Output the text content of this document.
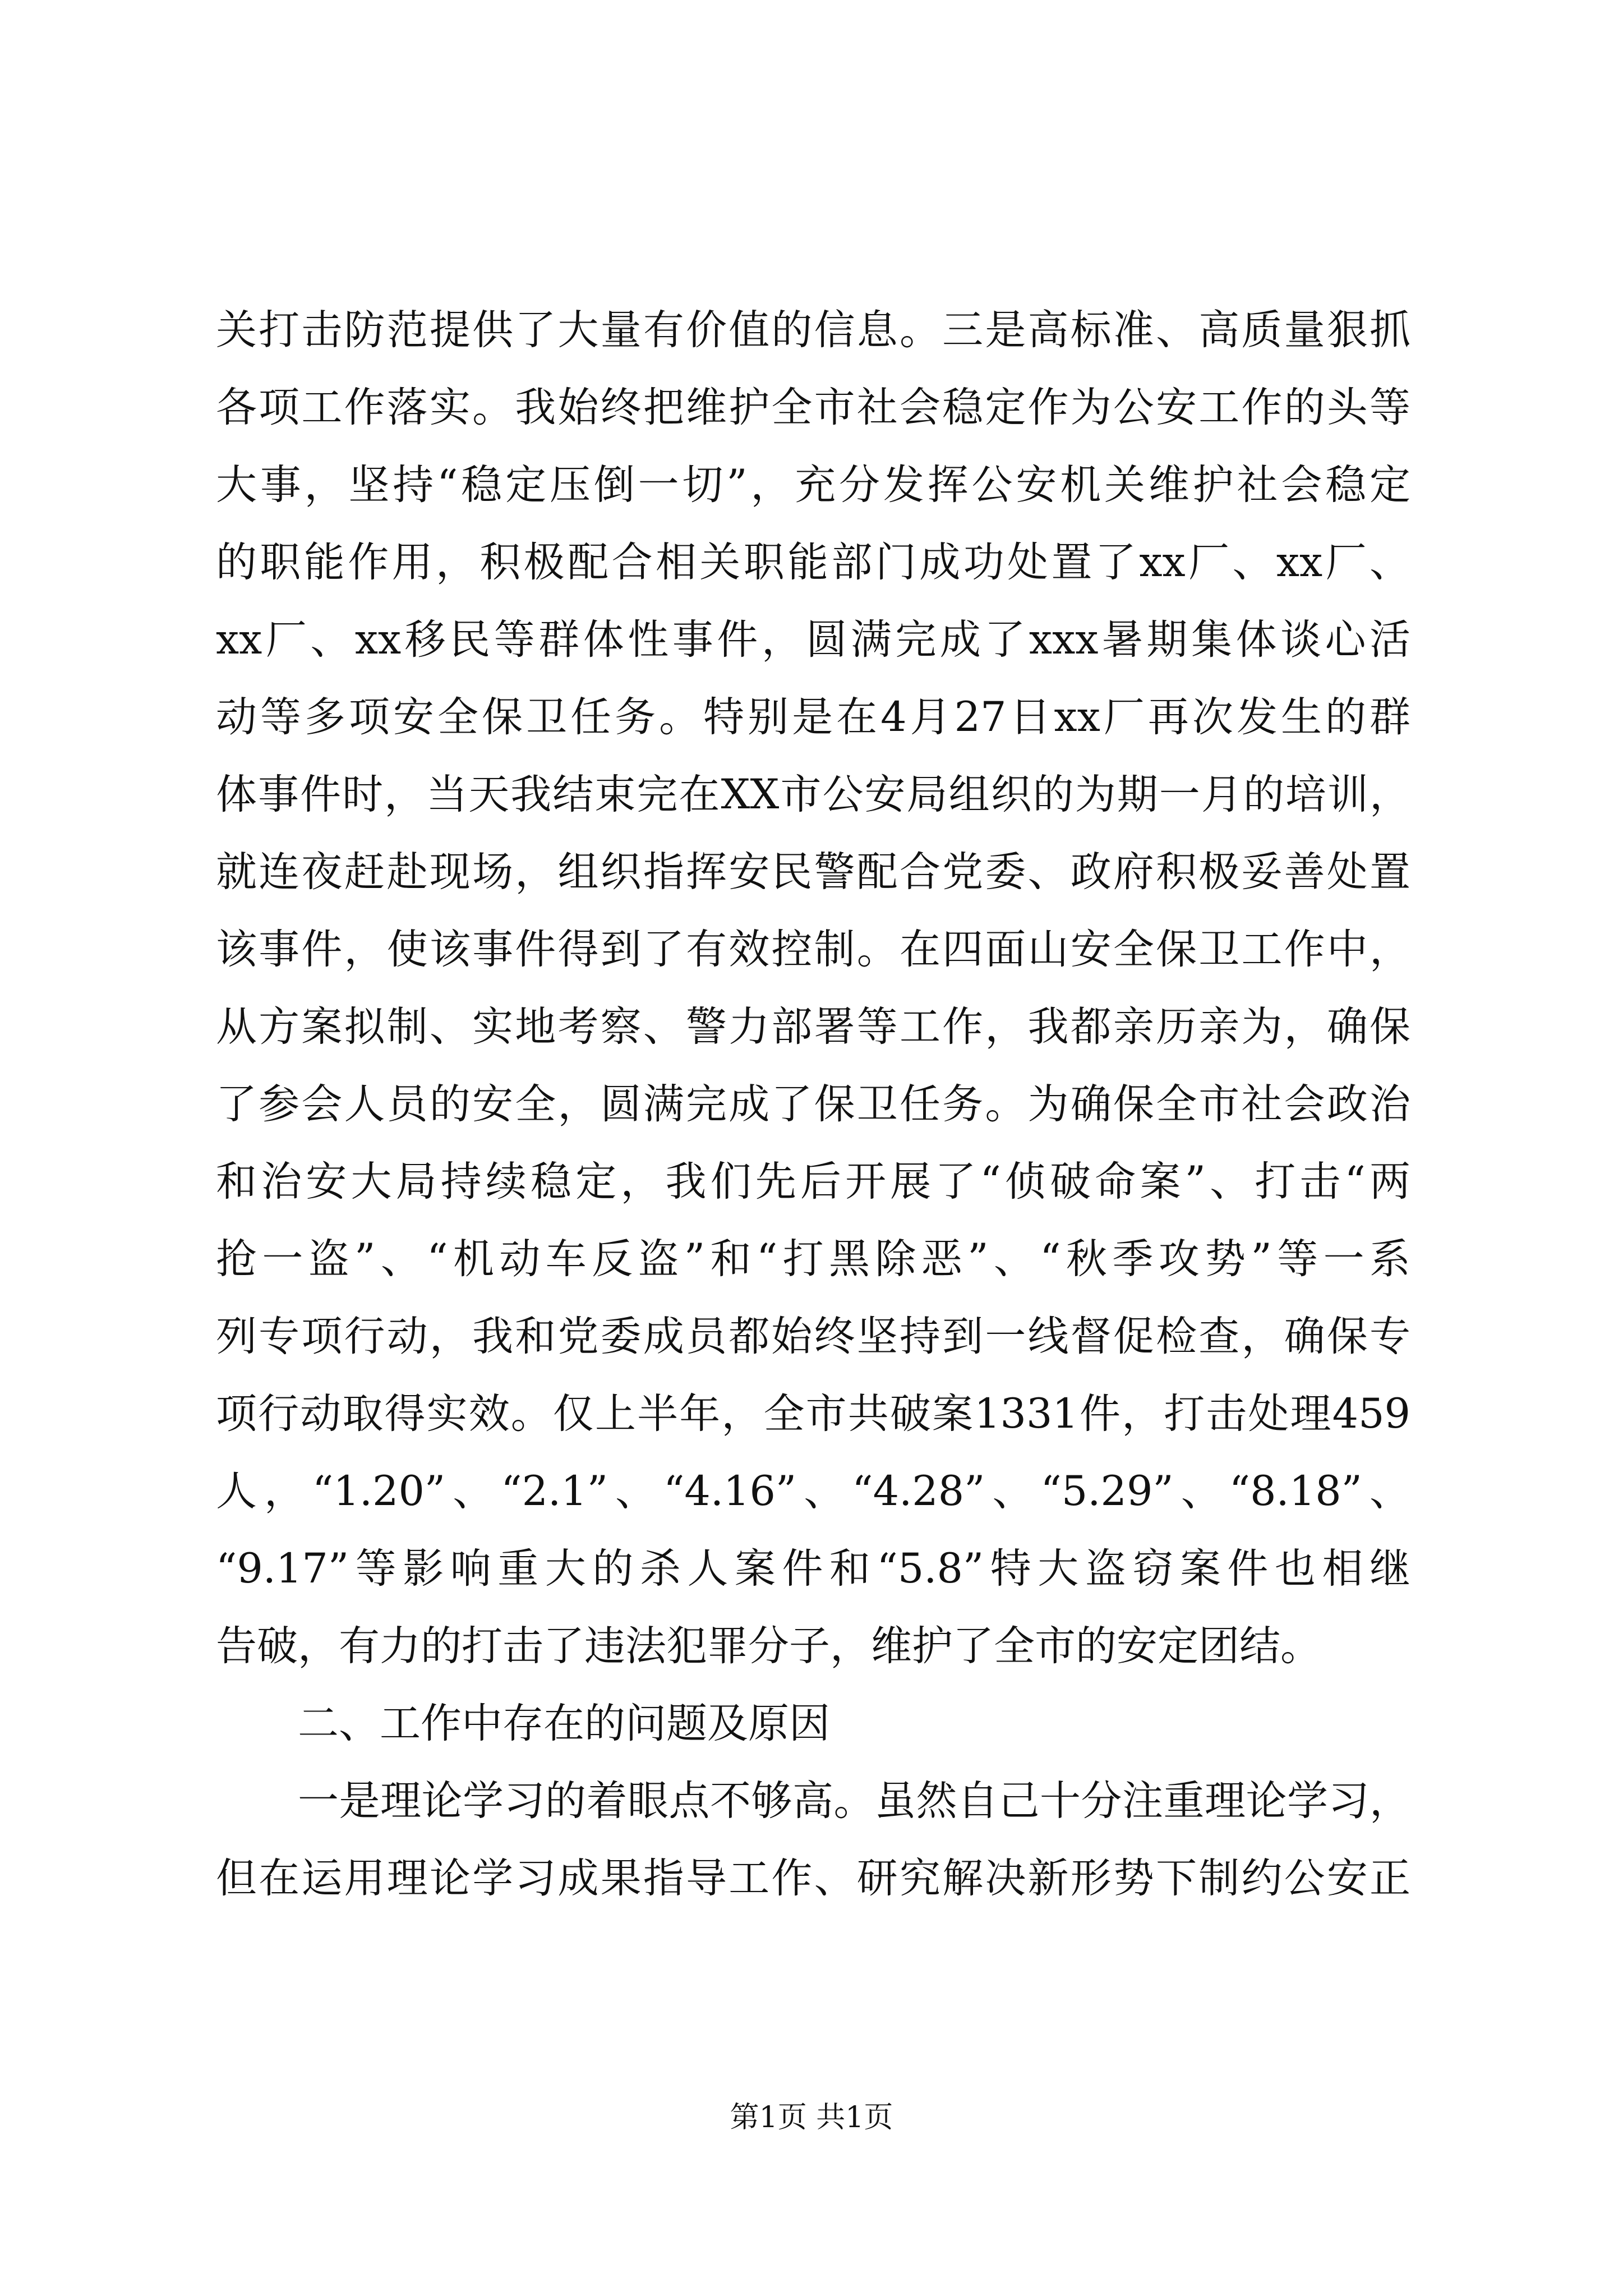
关打击防范提供了大量有价值的信息。三是高标准、高质量狠抓
各项工作落实。我始终把维护全市社会稳定作为公安工作的头等
大事，坚持“稳定压倒一切”，充分发挥公安机关维护社会稳定
的职能作用，积极配合相关职能部门成功处置了xx厂、xx厂、
xx厂、xx移民等群体性事件，圆满完成了xxx暑期集体谈心活
动等多项安全保卫任务。特别是在4月27日xx厂再次发生的群
体事件时，当天我结束完在XX市公安局组织的为期一月的培训，
就连夜赶赴现场，组织指挥安民警配合党委、政府积极妥善处置
该事件，使该事件得到了有效控制。在四面山安全保卫工作中，
从方案拟制、实地考察、警力部署等工作，我都亲历亲为，确保
了参会人员的安全，圆满完成了保卫任务。为确保全市社会政治
和治安大局持续稳定，我们先后开展了“侦破命案”、打击“两
抢一盗”、“机动车反盗”和“打黑除恶”、“秋季攻势”等一系
列专项行动，我和党委成员都始终坚持到一线督促检查，确保专
项行动取得实效。仅上半年，全市共破案1331件，打击处理459
人，“1.20”、“2.1”、“4.16”、“4.28”、“5.29”、“8.18”、
“9.17”等影响重大的杀人案件和“5.8”特大盗窃案件也相继
告破，有力的打击了违法犯罪分子，维护了全市的安定团结。
二、工作中存在的问题及原因
一是理论学习的着眼点不够高。虽然自己十分注重理论学习，
但在运用理论学习成果指导工作、研究解决新形势下制约公安正
第1页 共1页
